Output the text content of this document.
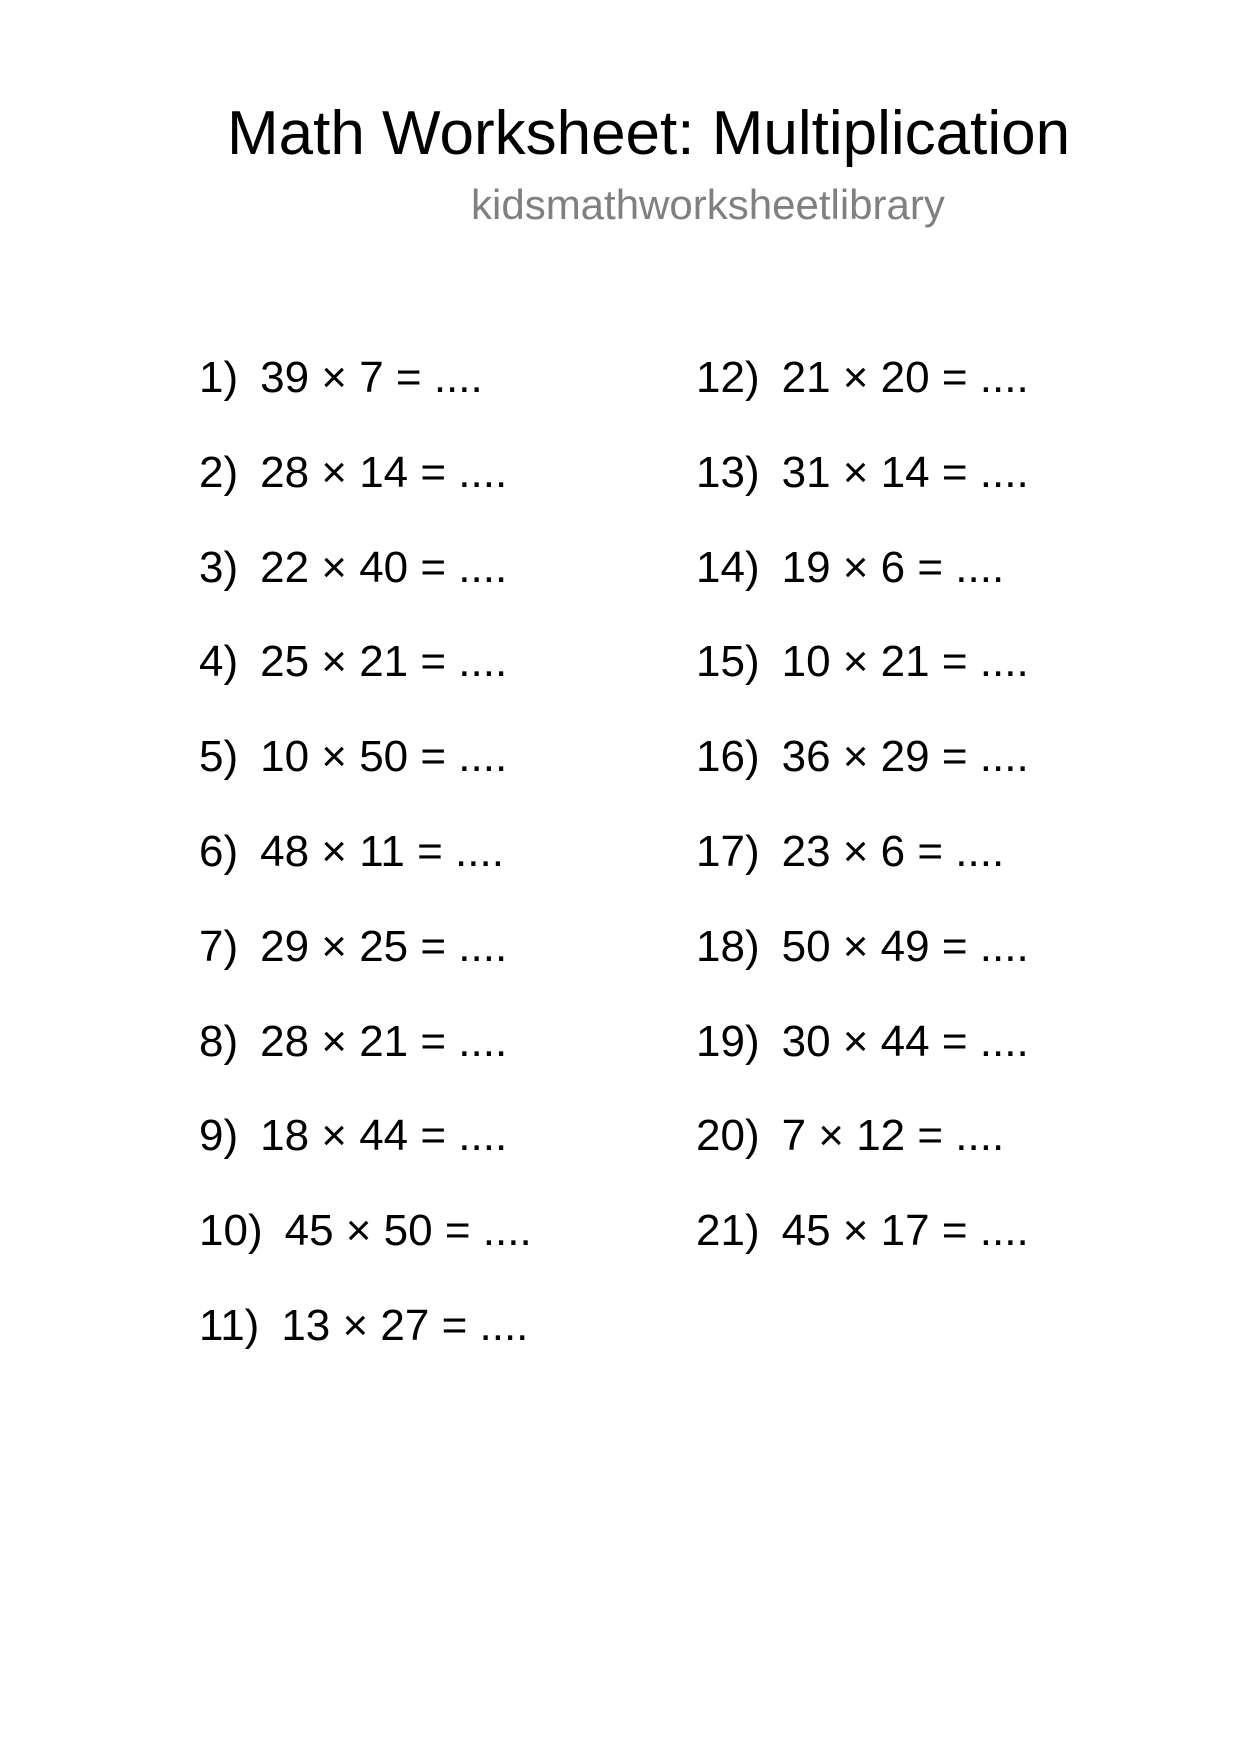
Math Worksheet: Multiplication
kidsmathworksheetlibrary
1) 39 × 7 = ....
2) 28 × 14 = ....
3) 22 × 40 = ....
4) 25 × 21 = ....
5) 10 × 50 = ....
6) 48 × 11 = ....
7) 29 × 25 = ....
8) 28 × 21 = ....
9) 18 × 44 = ....
10) 45 × 50 = ....
11) 13 × 27 = ....
12) 21 × 20 = ....
13) 31 × 14 = ....
14) 19 × 6 = ....
15) 10 × 21 = ....
16) 36 × 29 = ....
17) 23 × 6 = ....
18) 50 × 49 = ....
19) 30 × 44 = ....
20) 7 × 12 = ....
21) 45 × 17 = ....
